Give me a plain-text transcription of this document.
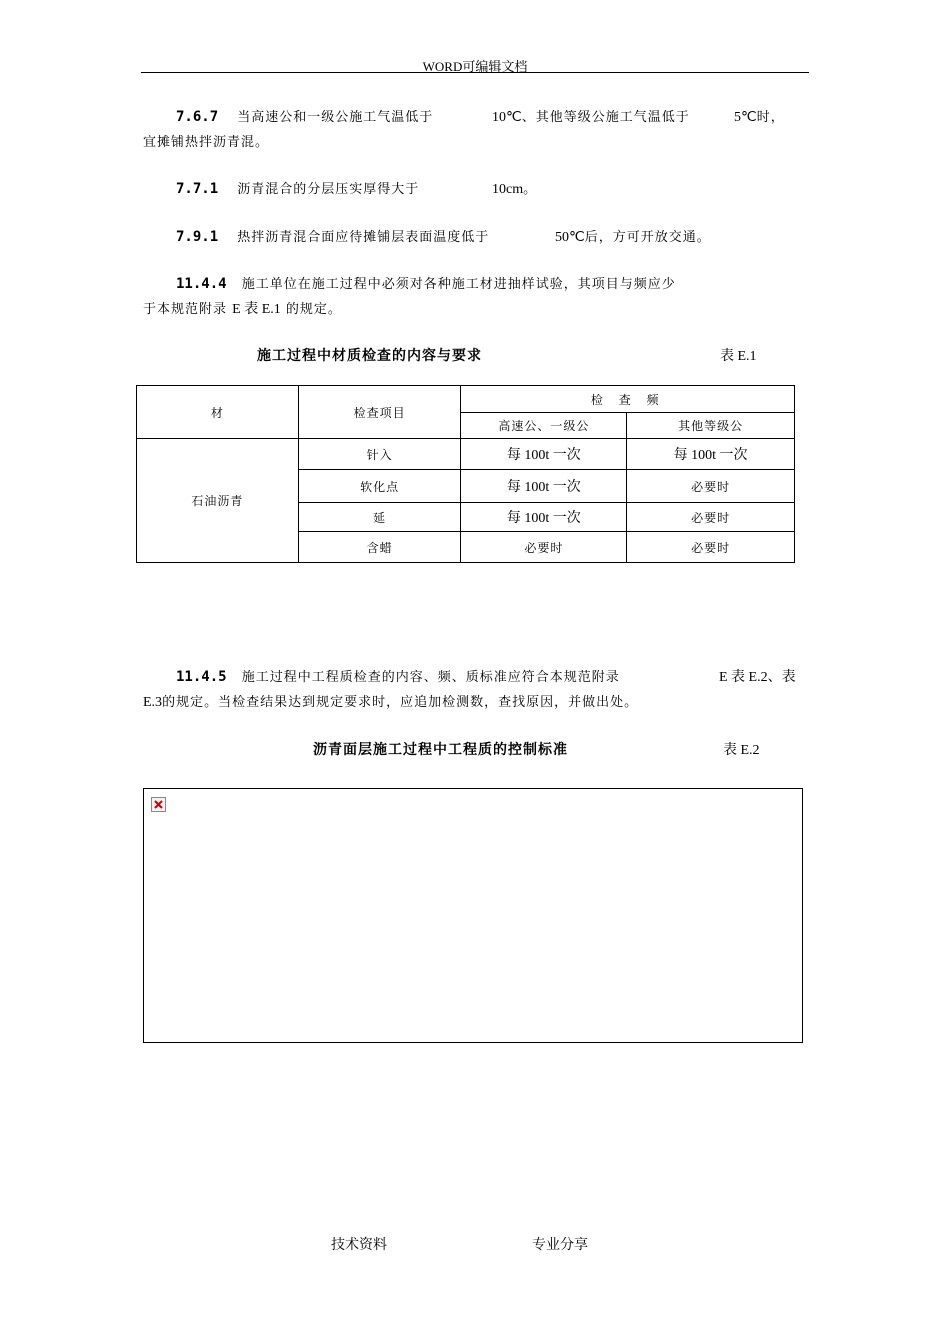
WORD可编辑文档
7.6.7 当高速公和一级公施工气温低于	10℃、其他等级公施工气温低于	5℃时，
宜摊铺热拌沥青混。
7.7.1 沥青混合的分层压实厚得大于	10cm。
7.9.1 热拌沥青混合面应待摊铺层表面温度低于	50℃后，方可开放交通。
11.4.4 施工单位在施工过程中必须对各种施工材进抽样试验，其项目与频应少
于本规范附录 E 表 E.1 的规定。
施工过程中材质检查的内容与要求	表 E.1
材	检查项目	检 查 频	
		高速公、一级公	其他等级公
石油沥青	针入	每 100t 一次	每 100t 一次
	软化点	每 100t 一次	必要时
	延	每 100t 一次	必要时
	含蜡	必要时	必要时
11.4.5 施工过程中工程质检查的内容、频、质标准应符合本规范附录	E 表 E.2、表
E.3的规定。当检查结果达到规定要求时，应追加检测数，查找原因，并做出处。
沥青面层施工过程中工程质的控制标准	表 E.2
技术资料	专业分享
